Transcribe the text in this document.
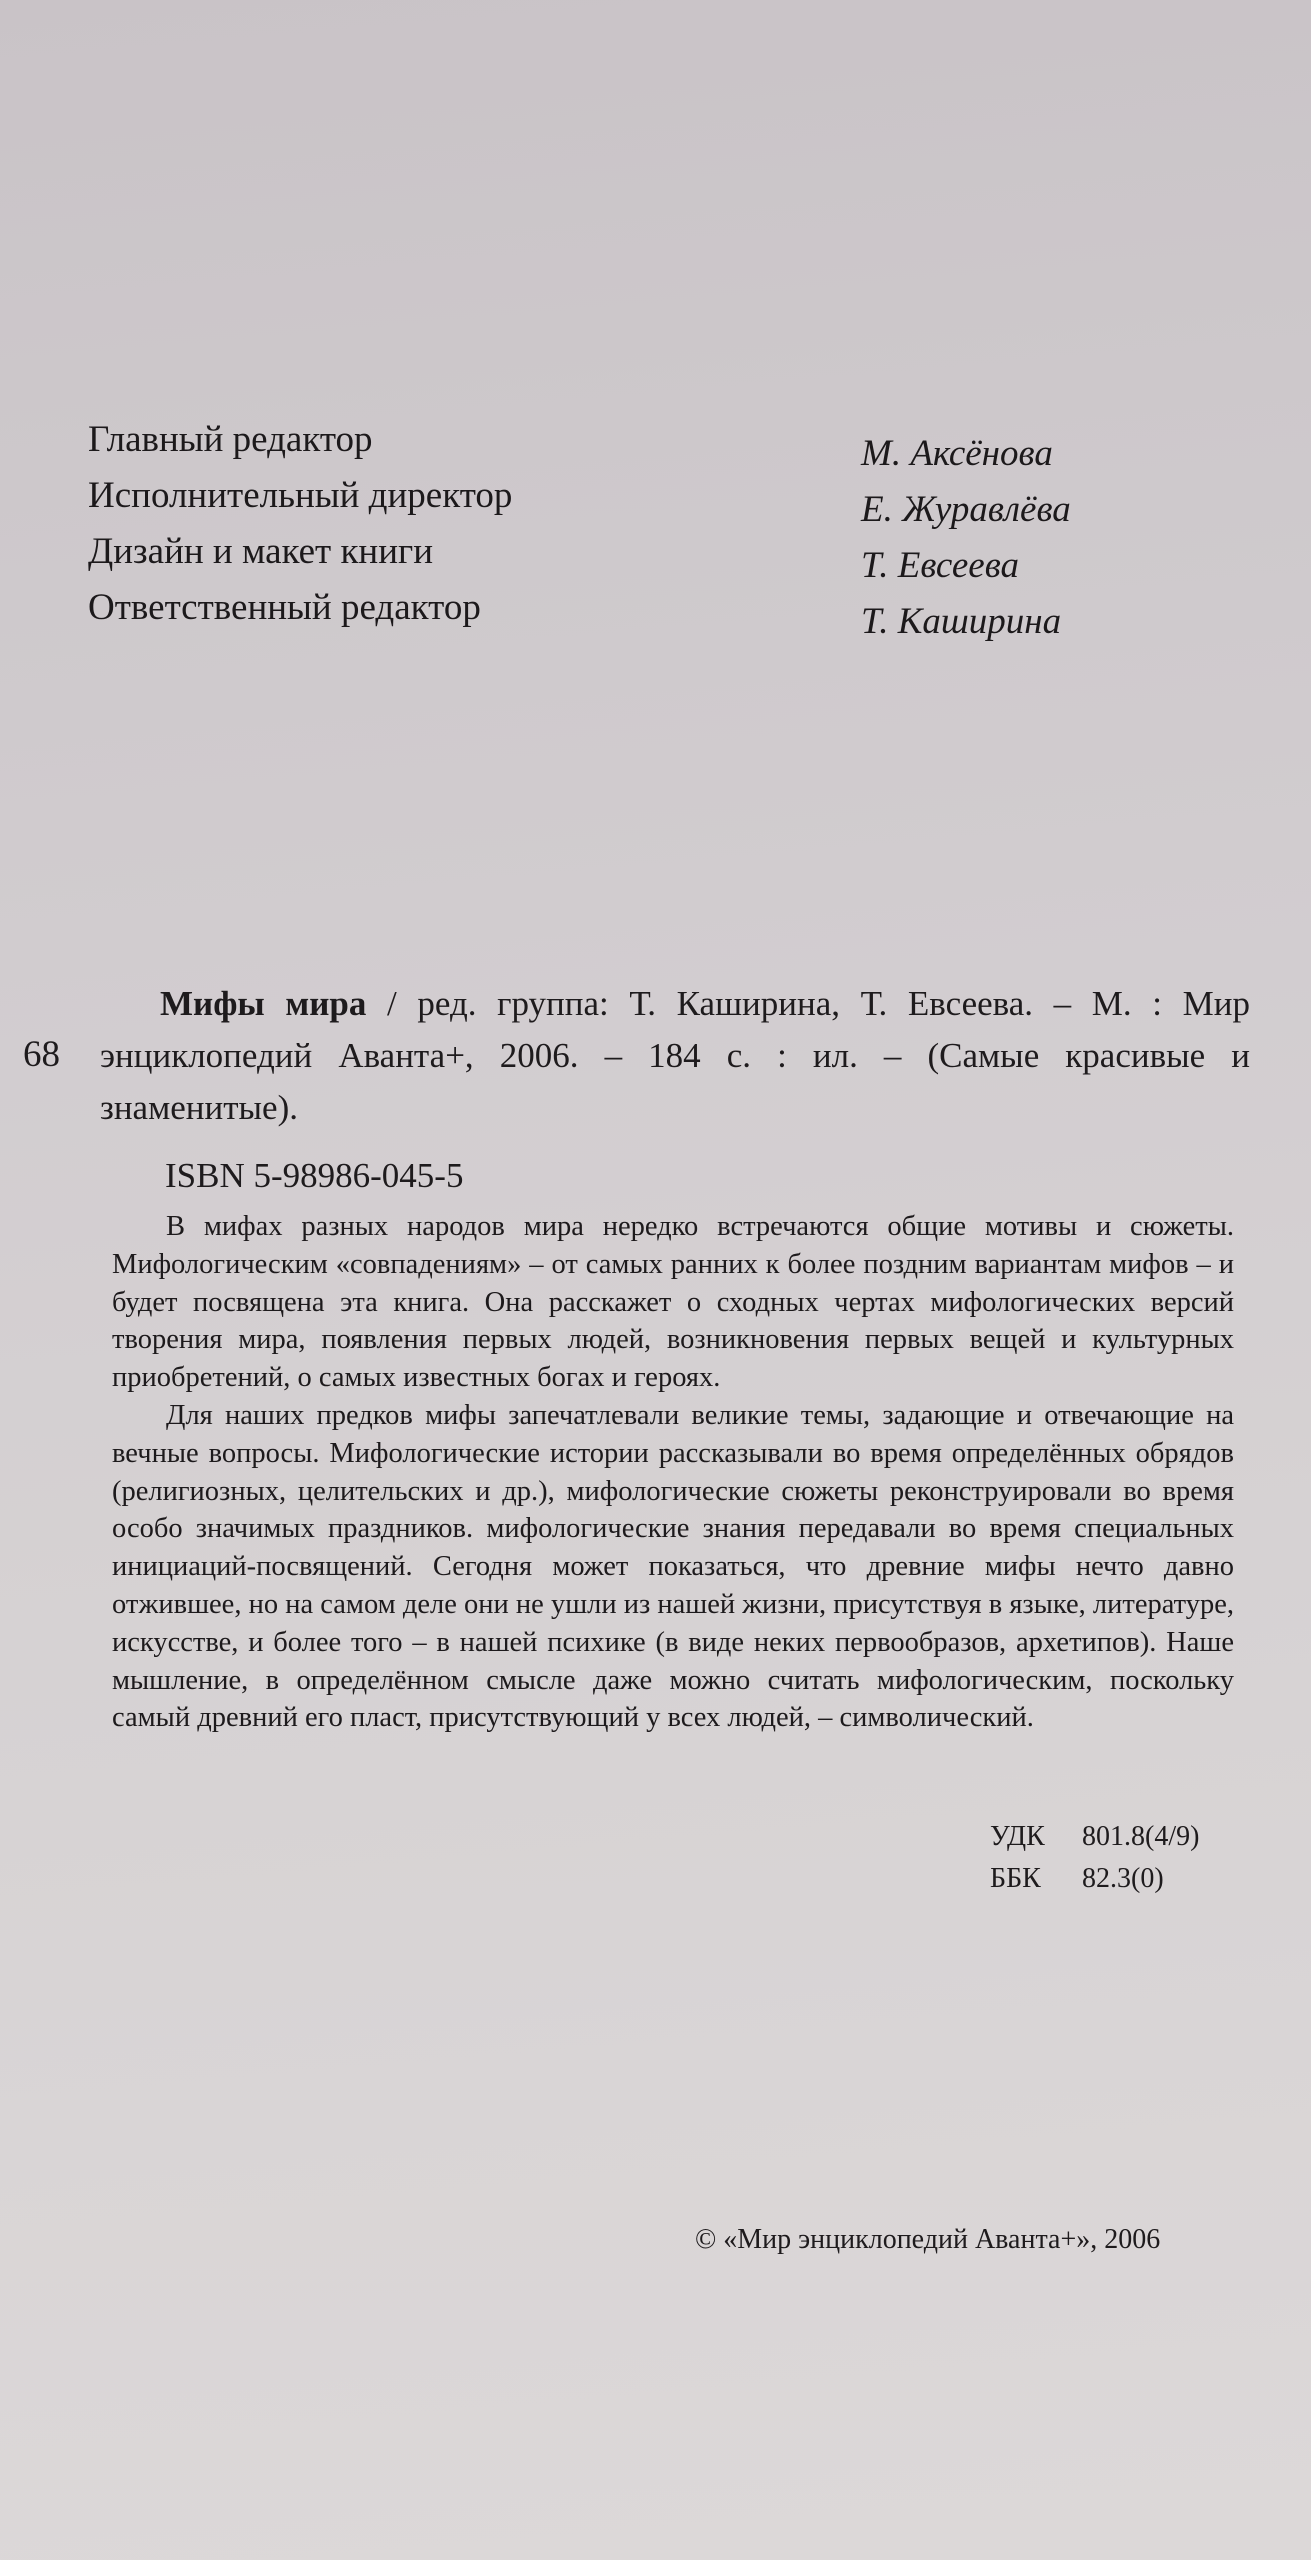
Главный редактор	М. Аксёнова
Исполнительный директор	Е. Журавлёва
Дизайн и макет книги	Т. Евсеева
Ответственный редактор	Т. Каширина
68
Мифы мира / ред. группа: Т. Каширина, Т. Евсеева. – М. : Мир энциклопедий Аванта+, 2006. – 184 с. : ил. – (Самые красивые и знаменитые).
ISBN 5-98986-045-5

В мифах разных народов мира нередко встречаются общие мотивы и сюжеты. Мифологическим «совпадениям» – от самых ранних к более поздним вариантам мифов – и будет посвящена эта книга. Она расскажет о сходных чертах мифологических версий творения мира, появления первых людей, возникновения первых вещей и культурных приобретений, о самых известных богах и героях.

Для наших предков мифы запечатлевали великие темы, задающие и отвечающие на вечные вопросы. Мифологические истории рассказывали во время определённых обрядов (религиозных, целительских и др.), мифологические сюжеты реконструировали во время особо значимых праздников. мифологические знания передавали во время специальных инициаций-посвящений. Сегодня может показаться, что древние мифы нечто давно отжившее, но на самом деле они не ушли из нашей жизни, присутствуя в языке, литературе, искусстве, и более того – в нашей психике (в виде неких первообразов, архетипов). Наше мышление, в определённом смысле даже можно считать мифологическим, поскольку самый древний его пласт, присутствующий у всех людей, – символический.

УДК 801.8(4/9)
ББК 82.3(0)
© «Мир энциклопедий Аванта+», 2006
